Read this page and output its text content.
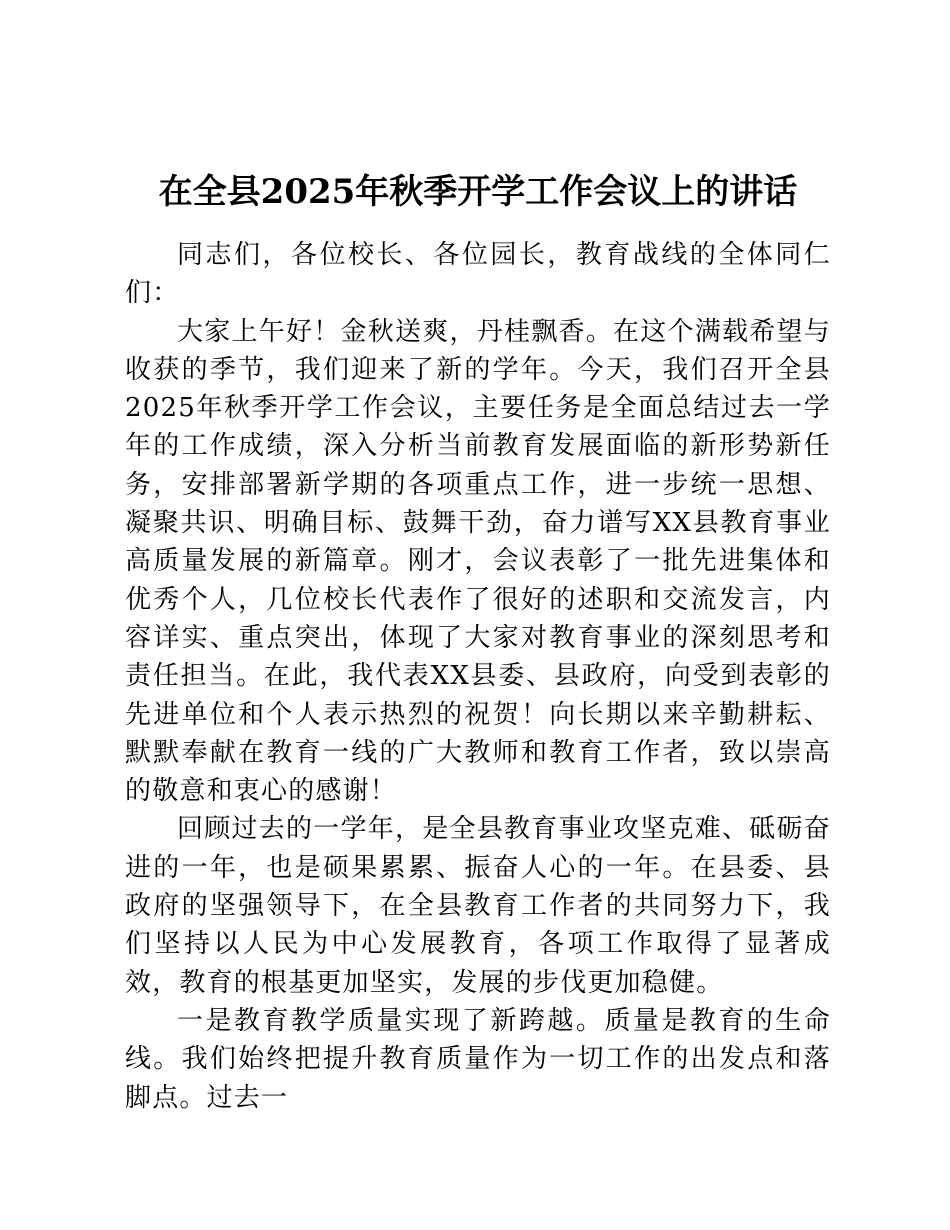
在全县2025年秋季开学工作会议上的讲话

同志们，各位校长、各位园长，教育战线的全体同仁们：

大家上午好！金秋送爽，丹桂飘香。在这个满载希望与收获的季节，我们迎来了新的学年。今天，我们召开全县2025年秋季开学工作会议，主要任务是全面总结过去一学年的工作成绩，深入分析当前教育发展面临的新形势新任务，安排部署新学期的各项重点工作，进一步统一思想、凝聚共识、明确目标、鼓舞干劲，奋力谱写XX县教育事业高质量发展的新篇章。刚才，会议表彰了一批先进集体和优秀个人，几位校长代表作了很好的述职和交流发言，内容详实、重点突出，体现了大家对教育事业的深刻思考和责任担当。在此，我代表XX县委、县政府，向受到表彰的先进单位和个人表示热烈的祝贺！向长期以来辛勤耕耘、默默奉献在教育一线的广大教师和教育工作者，致以崇高的敬意和衷心的感谢！

回顾过去的一学年，是全县教育事业攻坚克难、砥砺奋进的一年，也是硕果累累、振奋人心的一年。在县委、县政府的坚强领导下，在全县教育工作者的共同努力下，我们坚持以人民为中心发展教育，各项工作取得了显著成效，教育的根基更加坚实，发展的步伐更加稳健。

一是教育教学质量实现了新跨越。质量是教育的生命线。我们始终把提升教育质量作为一切工作的出发点和落脚点。过去一
